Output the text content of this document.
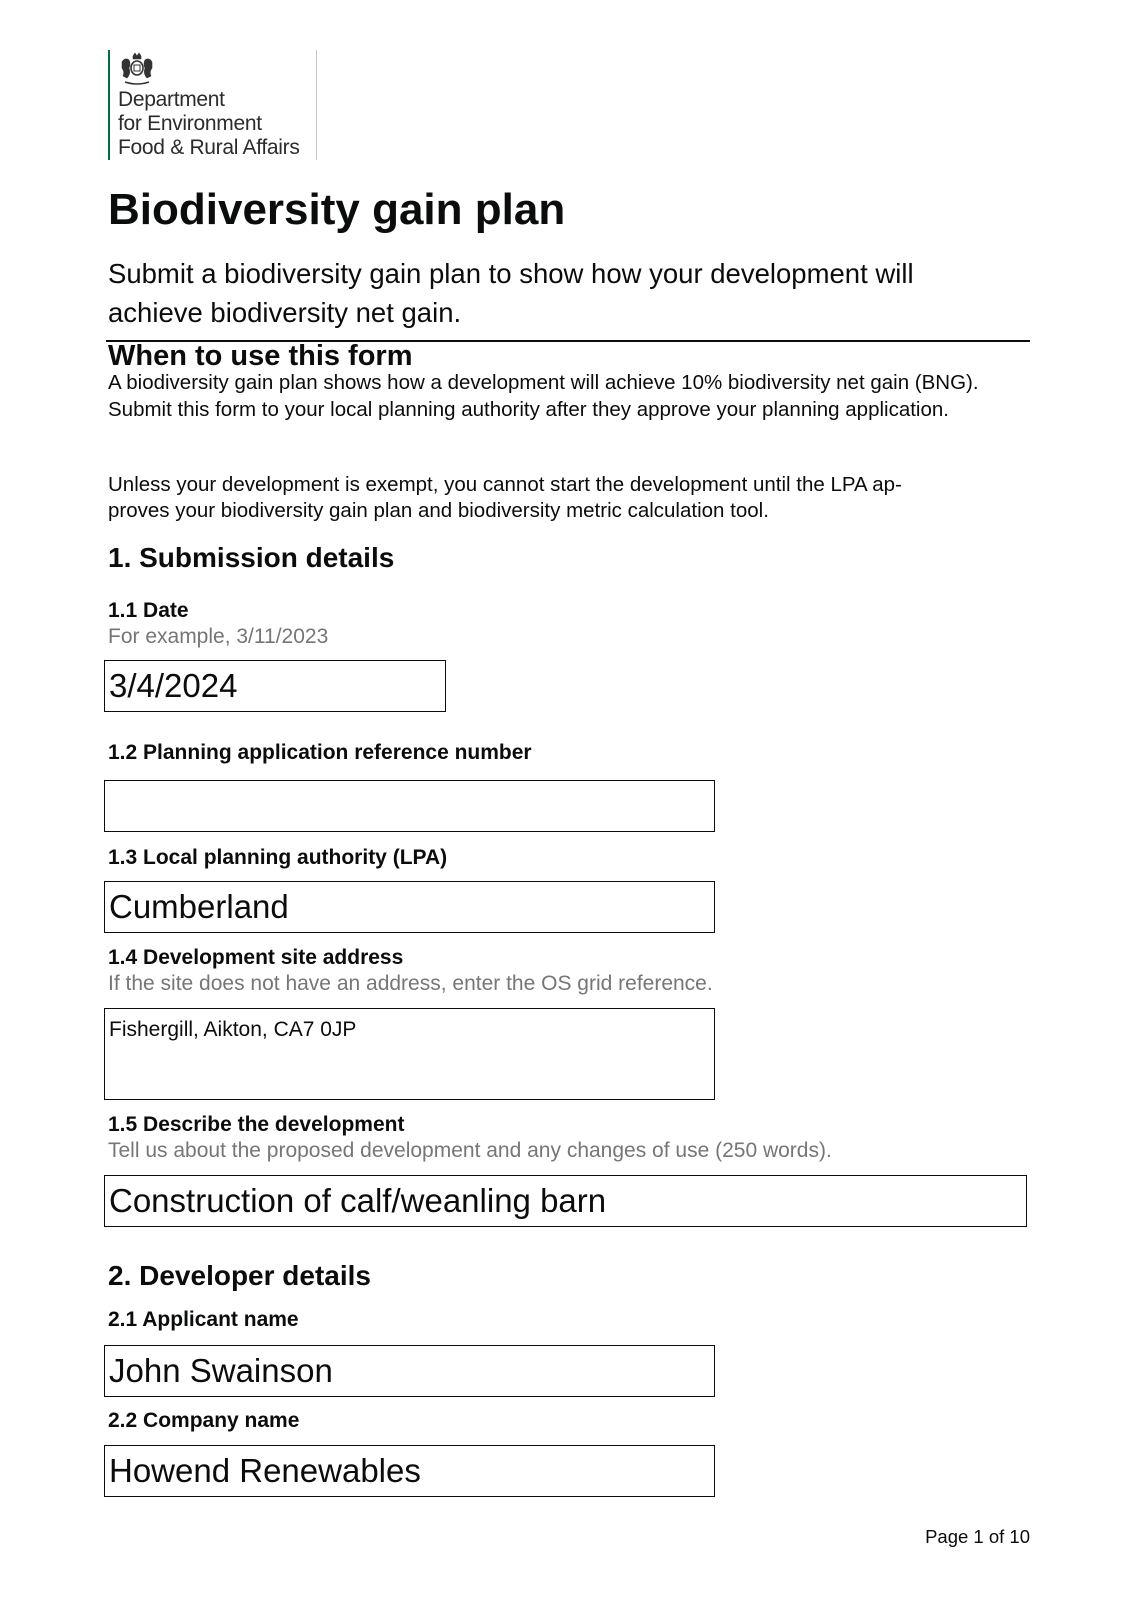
Department
for Environment
Food & Rural Affairs
Biodiversity gain plan
Submit a biodiversity gain plan to show how your development will achieve biodiversity net gain.
When to use this form
A biodiversity gain plan shows how a development will achieve 10% biodiversity net gain (BNG). Submit this form to your local planning authority after they approve your planning application.
Unless your development is exempt, you cannot start the development until the LPA ap-
proves your biodiversity gain plan and biodiversity metric calculation tool.
1. Submission details
1.1 Date
For example, 3/11/2023
3/4/2024
1.2 Planning application reference number
1.3 Local planning authority (LPA)
Cumberland
1.4 Development site address
If the site does not have an address, enter the OS grid reference.
Fishergill, Aikton, CA7 0JP
1.5 Describe the development
Tell us about the proposed development and any changes of use (250 words).
Construction of calf/weanling barn
2. Developer details
2.1 Applicant name
John Swainson
2.2 Company name
Howend Renewables
Page 1 of 10
